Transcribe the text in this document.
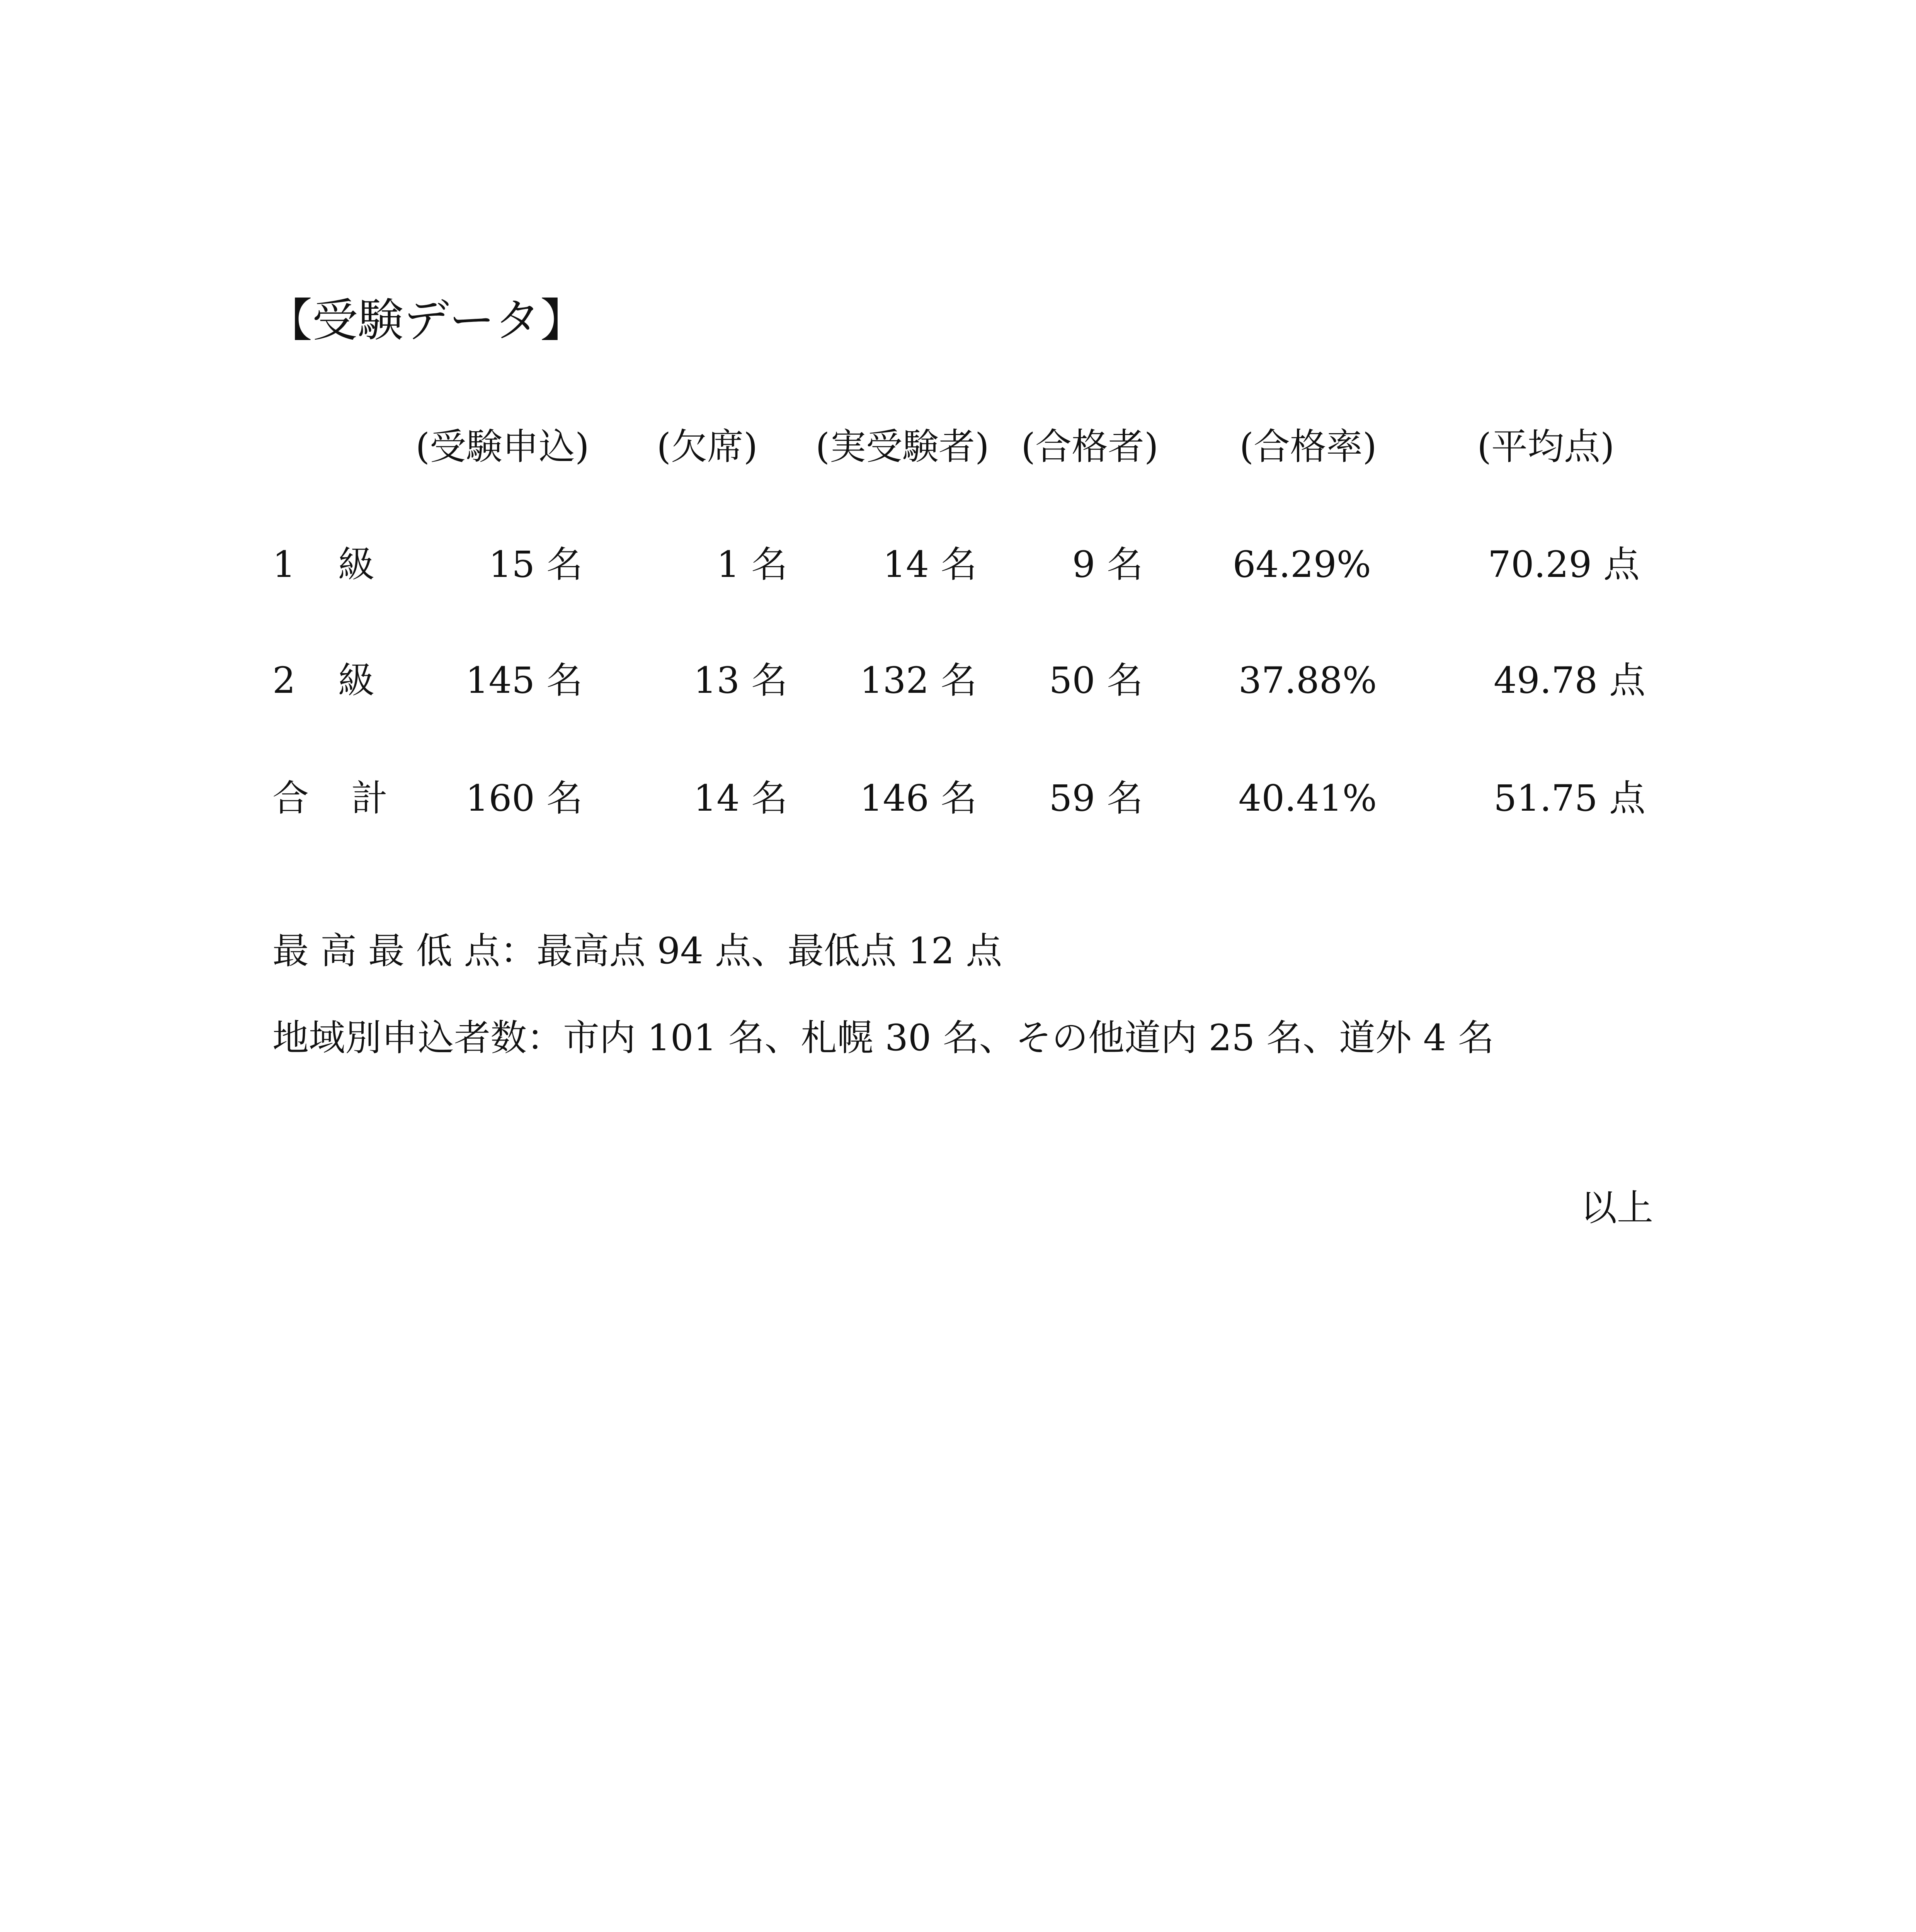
【受験データ】
(受験申込) (欠席) (実受験者) (合格者) (合格率)	(平均点)
1 級	15 名	1 名	14 名	9 名 64.29%	70.29 点
2 級	145 名	13 名 132 名 50 名	37.88%	49.78 点
合 計 160 名	14 名 146 名 59 名	40.41%	51.75 点
最 高 最 低 点：最高点 94 点、最低点 12 点
地域別申込者数：市内 101 名、札幌 30 名、その他道内 25 名、道外 4 名
以上
